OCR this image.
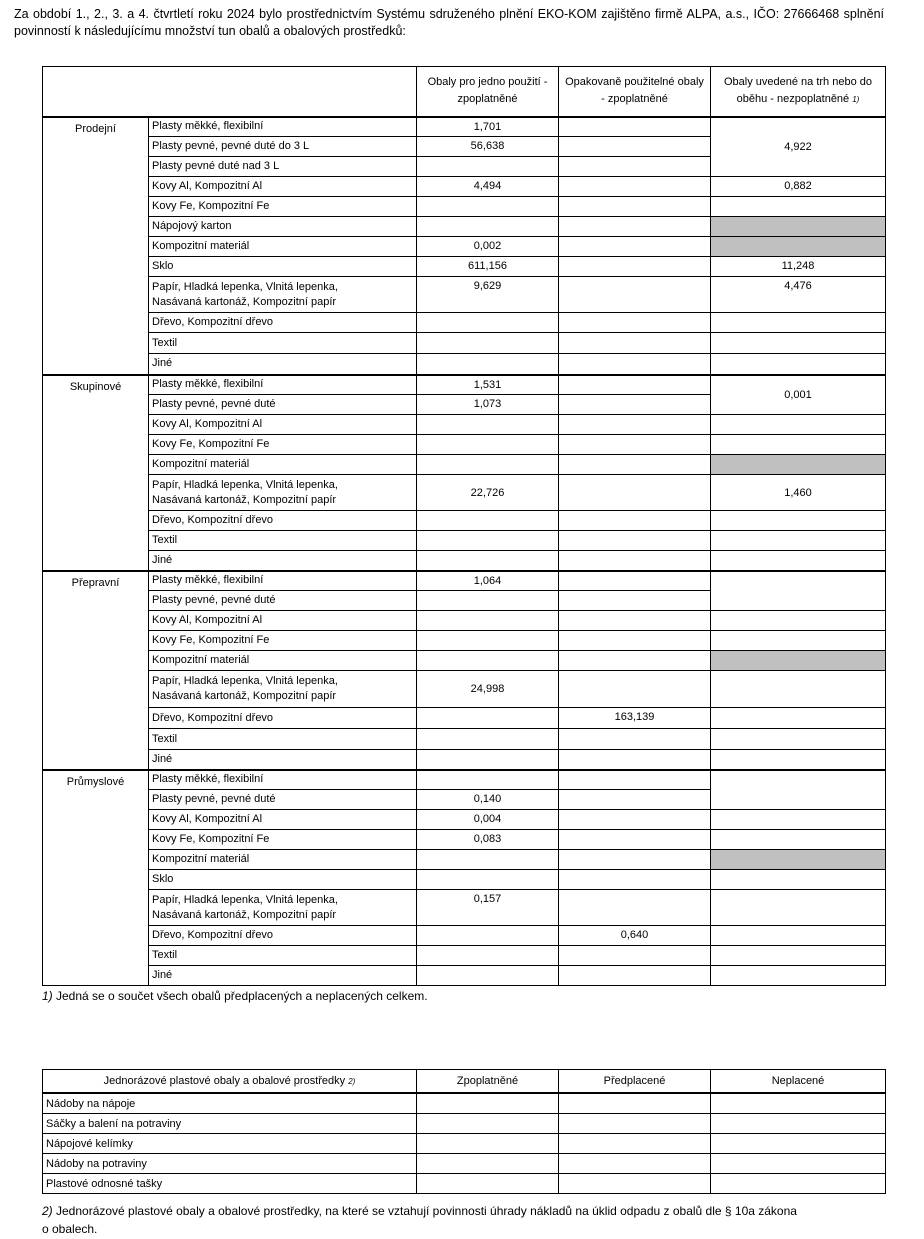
Za období 1., 2., 3. a 4. čtvrtletí roku 2024 bylo prostřednictvím Systému sdruženého plnění EKO-KOM zajištěno firmě ALPA, a.s., IČO: 27666468 splnění povinností k následujícímu množství tun obalů a obalových prostředků:
		Obaly pro jedno použití - zpoplatněné	Opakovaně použitelné obaly - zpoplatněné	Obaly uvedené na trh nebo do oběhu - nezpoplatněné 1)
Prodejní	Plasty měkké, flexibilní	1,701		4,922
	Plasty pevné, pevné duté do 3 L	56,638		
	Plasty pevné duté nad 3 L			
	Kovy Al, Kompozitní Al	4,494		0,882
	Kovy Fe, Kompozitní Fe			
	Nápojový karton			
	Kompozitní materiál	0,002		
	Sklo	611,156		11,248
	Papír, Hladká lepenka, Vlnitá lepenka,
Nasávaná kartonáž, Kompozitní papír	9,629		4,476
	Dřevo, Kompozitní dřevo			
	Textil			
	Jiné			
Skupinové	Plasty měkké, flexibilní	1,531		0,001
	Plasty pevné, pevné duté	1,073		
	Kovy Al, Kompozitní Al			
	Kovy Fe, Kompozitní Fe			
	Kompozitní materiál			
	Papír, Hladká lepenka, Vlnitá lepenka,
Nasávaná kartonáž, Kompozitní papír	22,726		1,460
	Dřevo, Kompozitní dřevo			
	Textil			
	Jiné			
Přepravní	Plasty měkké, flexibilní	1,064		
	Plasty pevné, pevné duté			
	Kovy Al, Kompozitní Al			
	Kovy Fe, Kompozitní Fe			
	Kompozitní materiál			
	Papír, Hladká lepenka, Vlnitá lepenka,
Nasávaná kartonáž, Kompozitní papír	24,998		
	Dřevo, Kompozitní dřevo		163,139	
	Textil			
	Jiné			
Průmyslové	Plasty měkké, flexibilní			
	Plasty pevné, pevné duté	0,140		
	Kovy Al, Kompozitní Al	0,004		
	Kovy Fe, Kompozitní Fe	0,083		
	Kompozitní materiál			
	Sklo			
	Papír, Hladká lepenka, Vlnitá lepenka,
Nasávaná kartonáž, Kompozitní papír	0,157		
	Dřevo, Kompozitní dřevo		0,640	
	Textil			
	Jiné			
1) Jedná se o součet všech obalů předplacených a neplacených celkem.
Jednorázové plastové obaly a obalové prostředky 2)	Zpoplatněné	Předplacené	Neplacené
Nádoby na nápoje			
Sáčky a balení na potraviny			
Nápojové kelímky			
Nádoby na potraviny			
Plastové odnosné tašky			
2) Jednorázové plastové obaly a obalové prostředky, na které se vztahují povinnosti úhrady nákladů na úklid odpadu z obalů dle § 10a zákona o obalech.
